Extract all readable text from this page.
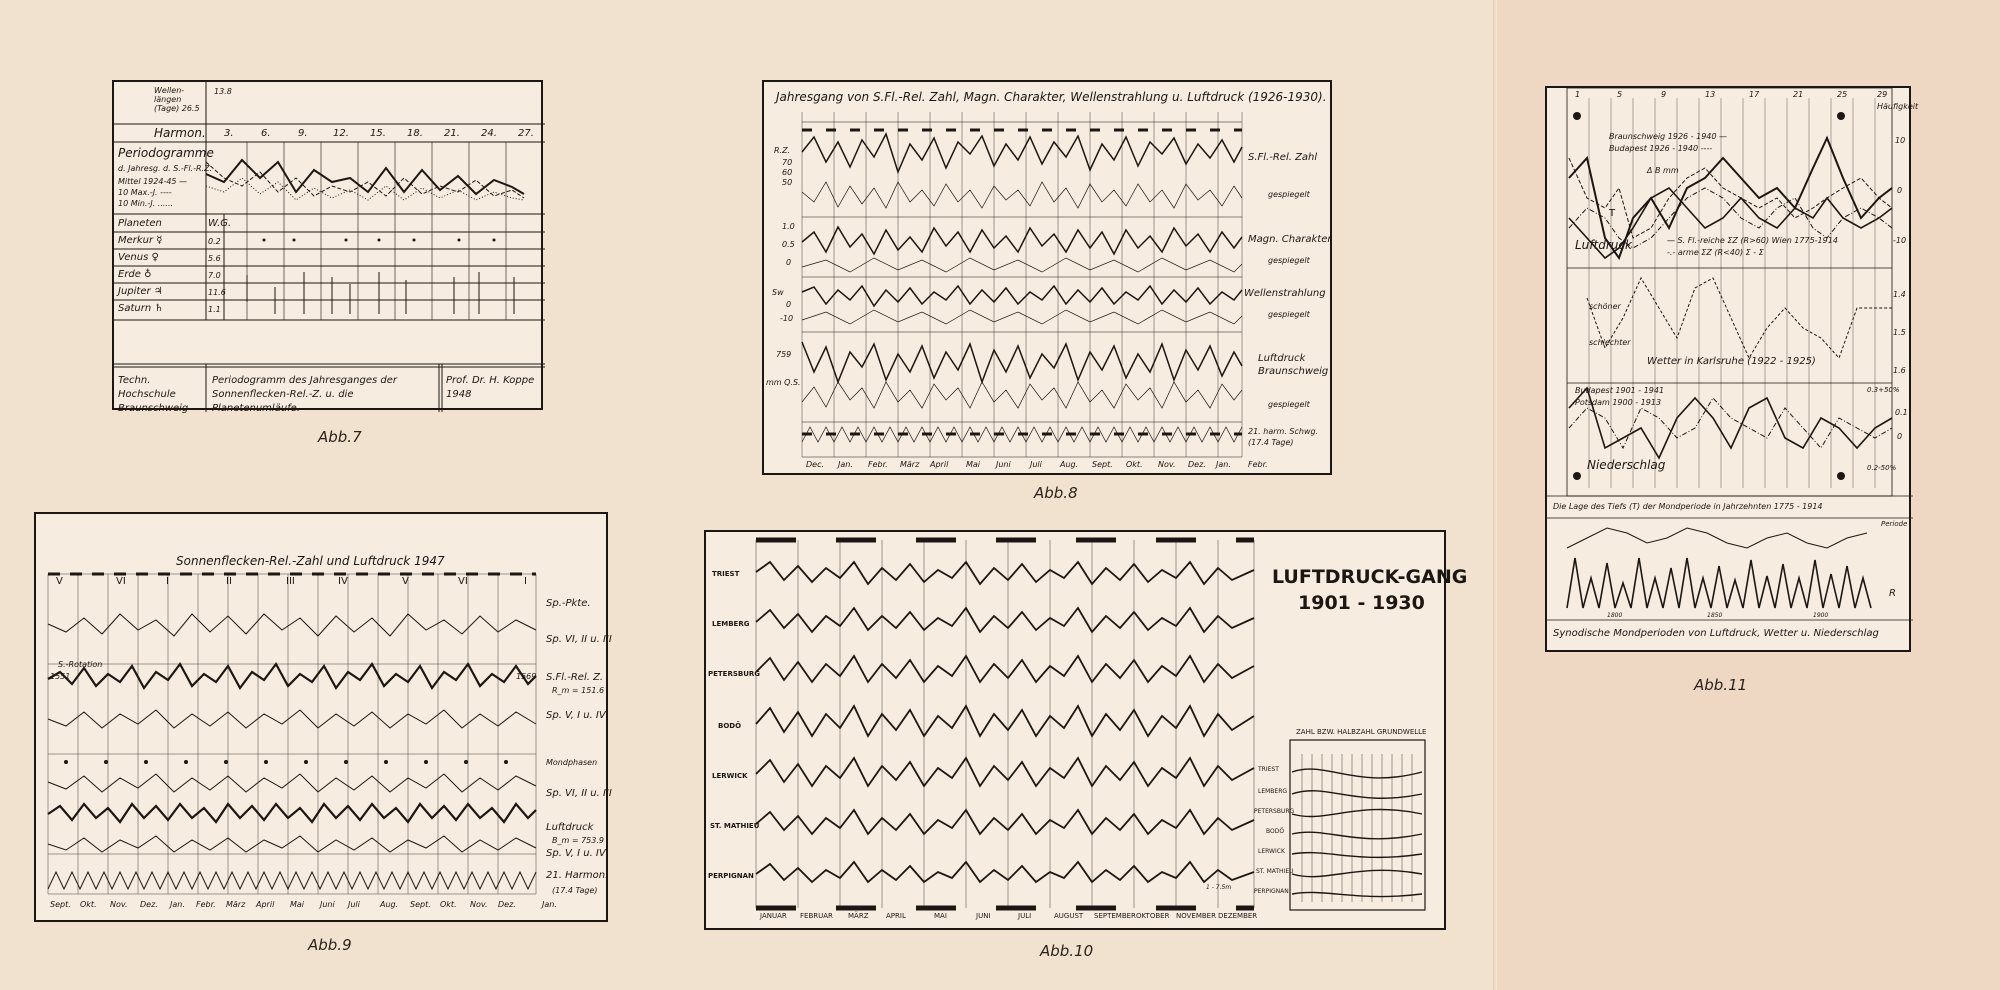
Wellen-längen (Tage) 26.5
13.8
Harmon. 3.	6.	9.	12. 15. 18. 21. 24. 27.
Periodogramme
d. Jahresg. d. S.-Fl.-R.Z.
Mittel 1924-45 —
10 Max.-J. ----
10 Min.-J. ......
Planeten	W.G.
Merkur ☿	0.2
Venus ♀	5.6
Erde ♁	7.0
Jupiter ♃	11.6
Saturn ♄	1.1
Techn. Hochschule Braunschweig
Periodogramm des Jahresganges der Sonnenflecken-Rel.-Z. u. die Planetenumläufe.
Prof. Dr. H. Koppe 1948
Abb.7
Jahresgang von S.Fl.-Rel. Zahl, Magn. Charakter, Wellenstrahlung u. Luftdruck (1926-1930).
S.Fl.-Rel. Zahl
gespiegelt
Magn. Charakter
gespiegelt
Wellenstrahlung
gespiegelt
Luftdruck Braunschweig
gespiegelt
21. harm. Schwg. (17.4 Tage)
R.Z.
70
60
50
1.0
0.5
0
Sw
0
-10
759
mm Q.S.
Dec. Jan. Febr. März April Mai Juni Juli Aug. Sept. Okt. Nov. Dez. Jan. Febr.
Abb.8
Sonnenflecken-Rel.-Zahl und Luftdruck 1947
V	VI	I	II	III	IV	V	VI	I
S.-Rotation
1551	1569
Sp.-Pkte.
Sp. VI, II u. III
S.Fl.-Rel. Z.
R_m = 151.6
Sp. V, I u. IV
Mondphasen
Sp. VI, II u. III
Luftdruck
B_m = 753.9
Sp. V, I u. IV
21. Harmon.
(17.4 Tage)
Sept. Okt. Nov. Dez. Jan. Febr. März April Mai Juni Juli	Aug. Sept. Okt. Nov. Dez.	Jan.
Abb.9
TRIEST
LEMBERG
PETERSBURG
BODÖ
LERWICK
ST. MATHIEU
PERPIGNAN
LUFTDRUCK-GANG
1901 - 1930
ZAHL BZW. HALBZAHL GRUNDWELLE
TRIEST
LEMBERG
PETERSBURG
BODÖ
LERWICK
ST. MATHIEU
PERPIGNAN
1 - 7.5m
JANUAR FEBRUAR MÄRZ	APRIL	MAI	JUNI	JULI	AUGUST SEPTEMBER OKTOBER NOVEMBER DEZEMBER
Abb.10
1	5	9	13	17	21	25	29
Braunschweig 1926 - 1940 —
Budapest 1926 - 1940 ----
Δ B mm
Luftdruck	— S. Fl.-reiche ΣZ (R>60) Wien 1775-1914
-.- arme ΣZ (R<40) Σ - Σ
T
schöner
schlechter
Wetter in Karlsruhe (1922 - 1925)
Budapest 1901 - 1941
Potsdam 1900 - 1913
Niederschlag
Häufigkeit
10
0
-10
1.4
1.5
1.6
0.3+50%
0.1
0
0.2-50%
Die Lage des Tiefs (T) der Mondperiode in Jahrzehnten 1775 - 1914
Periode
R
1800	1850	1900
Synodische Mondperioden von Luftdruck, Wetter u. Niederschlag
Abb.11
